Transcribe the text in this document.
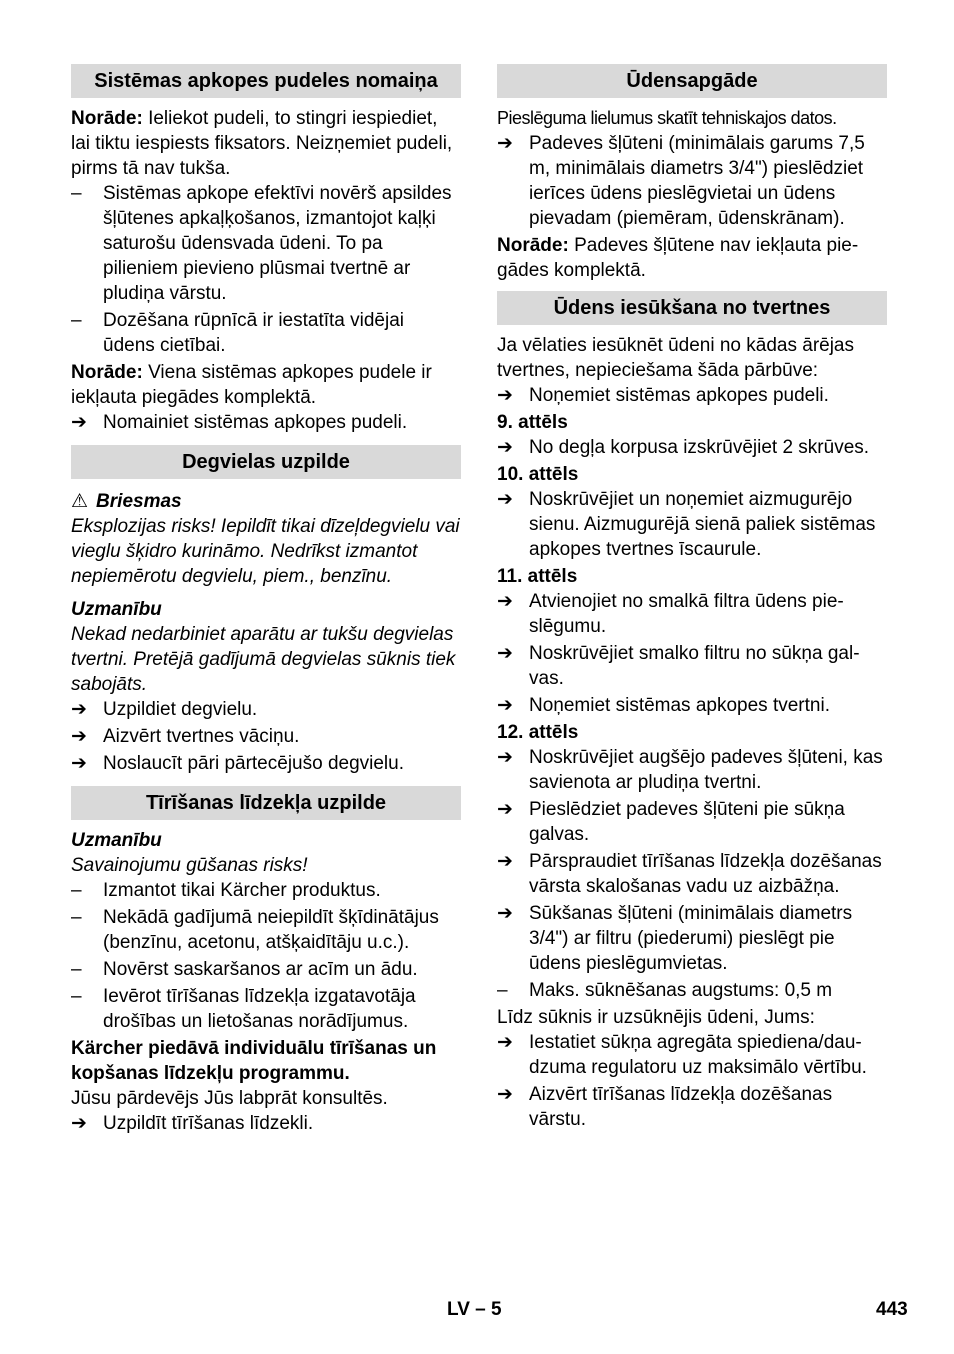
Sistēmas apkopes pudeles nomaiņa

Norāde: Ieliekot pudeli, to stingri iespiediet, lai tiktu iespiests fiksators. Neizņemiet pudeli, pirms tā nav tukša.

–	Sistēmas apkope efektīvi novērš apsildes šļūtenes apkaļķošanos, izmantojot kaļķi saturošu ūdensvada ūdeni. To pa pilieniem pievieno plūsmai tvertnē ar pludiņa vārstu.
–	Dozēšana rūpnīcā ir iestatīta vidējai ūdens cietībai.

Norāde: Viena sistēmas apkopes pudele ir iekļauta piegādes komplektā.

➔ Nomainiet sistēmas apkopes pudeli.
Degvielas uzpilde
⚠ Briesmas

Eksplozijas risks! Iepildīt tikai dīzeļdegvielu vai vieglu šķidro kurināmo. Nedrīkst izmantot nepiemērotu degvielu, piem., benzīnu.

Uzmanību

Nekad nedarbiniet aparātu ar tukšu degvielas tvertni. Pretējā gadījumā degvielas sūknis tiek sabojāts.

➔ Uzpildiet degvielu.
➔ Aizvērt tvertnes vāciņu.
➔ Noslaucīt pāri pārtecējušo degvielu.
Tīrīšanas līdzekļa uzpilde
Uzmanību

Savainojumu gūšanas risks!

–	Izmantot tikai Kärcher produktus.
–	Nekādā gadījumā neiepildīt šķīdinātājus (benzīnu, acetonu, atšķaidītāju u.c.).
–	Novērst saskaršanos ar acīm un ādu.
–	Ievērot tīrīšanas līdzekļa izgatavotāja drošības un lietošanas norādījumus.

Kärcher piedāvā individuālu tīrīšanas un kopšanas līdzekļu programmu.

Jūsu pārdevējs Jūs labprāt konsultēs.

➔ Uzpildīt tīrīšanas līdzekli.
Ūdensapgāde

Pieslēguma lielumus skatīt tehniskajos datos.

➔ Padeves šļūteni (minimālais garums 7,5 m, minimālais diametrs 3/4") pieslēdziet ierīces ūdens pieslēgvietai un ūdens pievadam (piemēram, ūdenskrānam).

Norāde: Padeves šļūtene nav iekļauta piegādes komplektā.

Ūdens iesūkšana no tvertnes

Ja vēlaties iesūknēt ūdeni no kādas ārējas tvertnes, nepieciešama šāda pārbūve:

➔ Noņemiet sistēmas apkopes pudeli.
9. attēls
➔ No degļa korpusa izskrūvējiet 2 skrūves.
10. attēls
➔ Noskrūvējiet un noņemiet aizmugurējo sienu. Aizmugurējā sienā paliek sistēmas apkopes tvertnes īscaurule.
11. attēls
➔ Atvienojiet no smalkā filtra ūdens pieslēgumu.
➔ Noskrūvējiet smalko filtru no sūkņa galvas.
➔ Noņemiet sistēmas apkopes tvertni.
12. attēls
➔ Noskrūvējiet augšējo padeves šļūteni, kas savienota ar pludiņa tvertni.
➔ Pieslēdziet padeves šļūteni pie sūkņa galvas.
➔ Pārspraudiet tīrīšanas līdzekļa dozēšanas vārsta skalošanas vadu uz aizbāžņa.
➔ Sūkšanas šļūteni (minimālais diametrs 3/4") ar filtru (piederumi) pieslēgt pie ūdens pieslēgumvietas.
–	Maks. sūknēšanas augstums: 0,5 m

Līdz sūknis ir uzsūknējis ūdeni, Jums:

➔ Iestatiet sūkņa agregāta spiediena/daudzuma regulatoru uz maksimālo vērtību.
➔ Aizvērt tīrīšanas līdzekļa dozēšanas vārstu.
LV – 5	443
